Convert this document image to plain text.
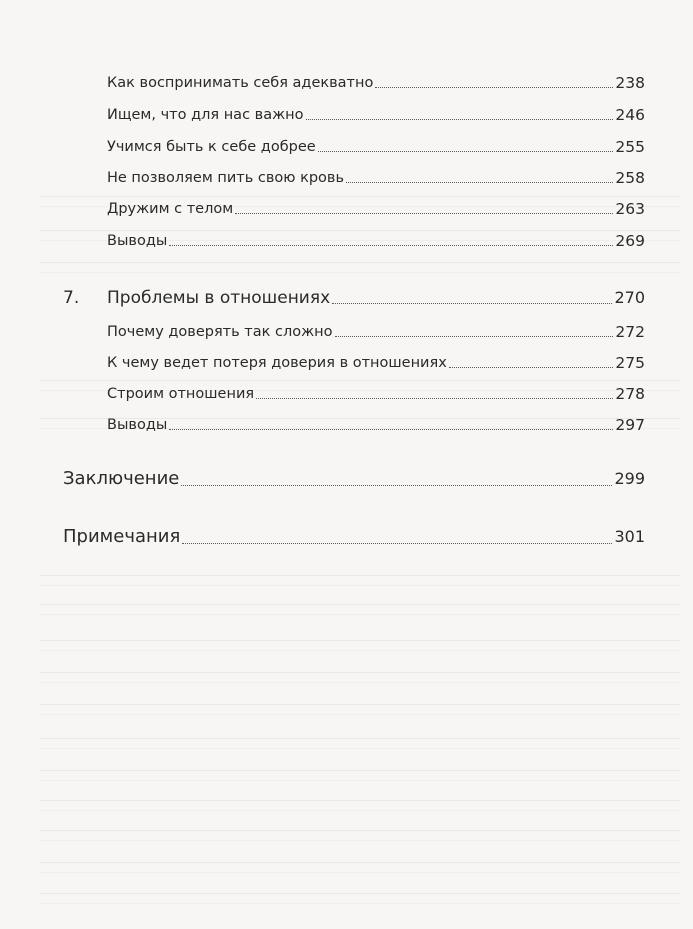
Как воспринимать себя адекватно	238
Ищем, что для нас важно	246
Учимся быть к себе добрее	255
Не позволяем пить свою кровь	258
Дружим с телом	263
Выводы	269
7. Проблемы в отношениях	270
Почему доверять так сложно	272
К чему ведет потеря доверия в отношениях	275
Строим отношения	278
Выводы	297
Заключение	299
Примечания	301
